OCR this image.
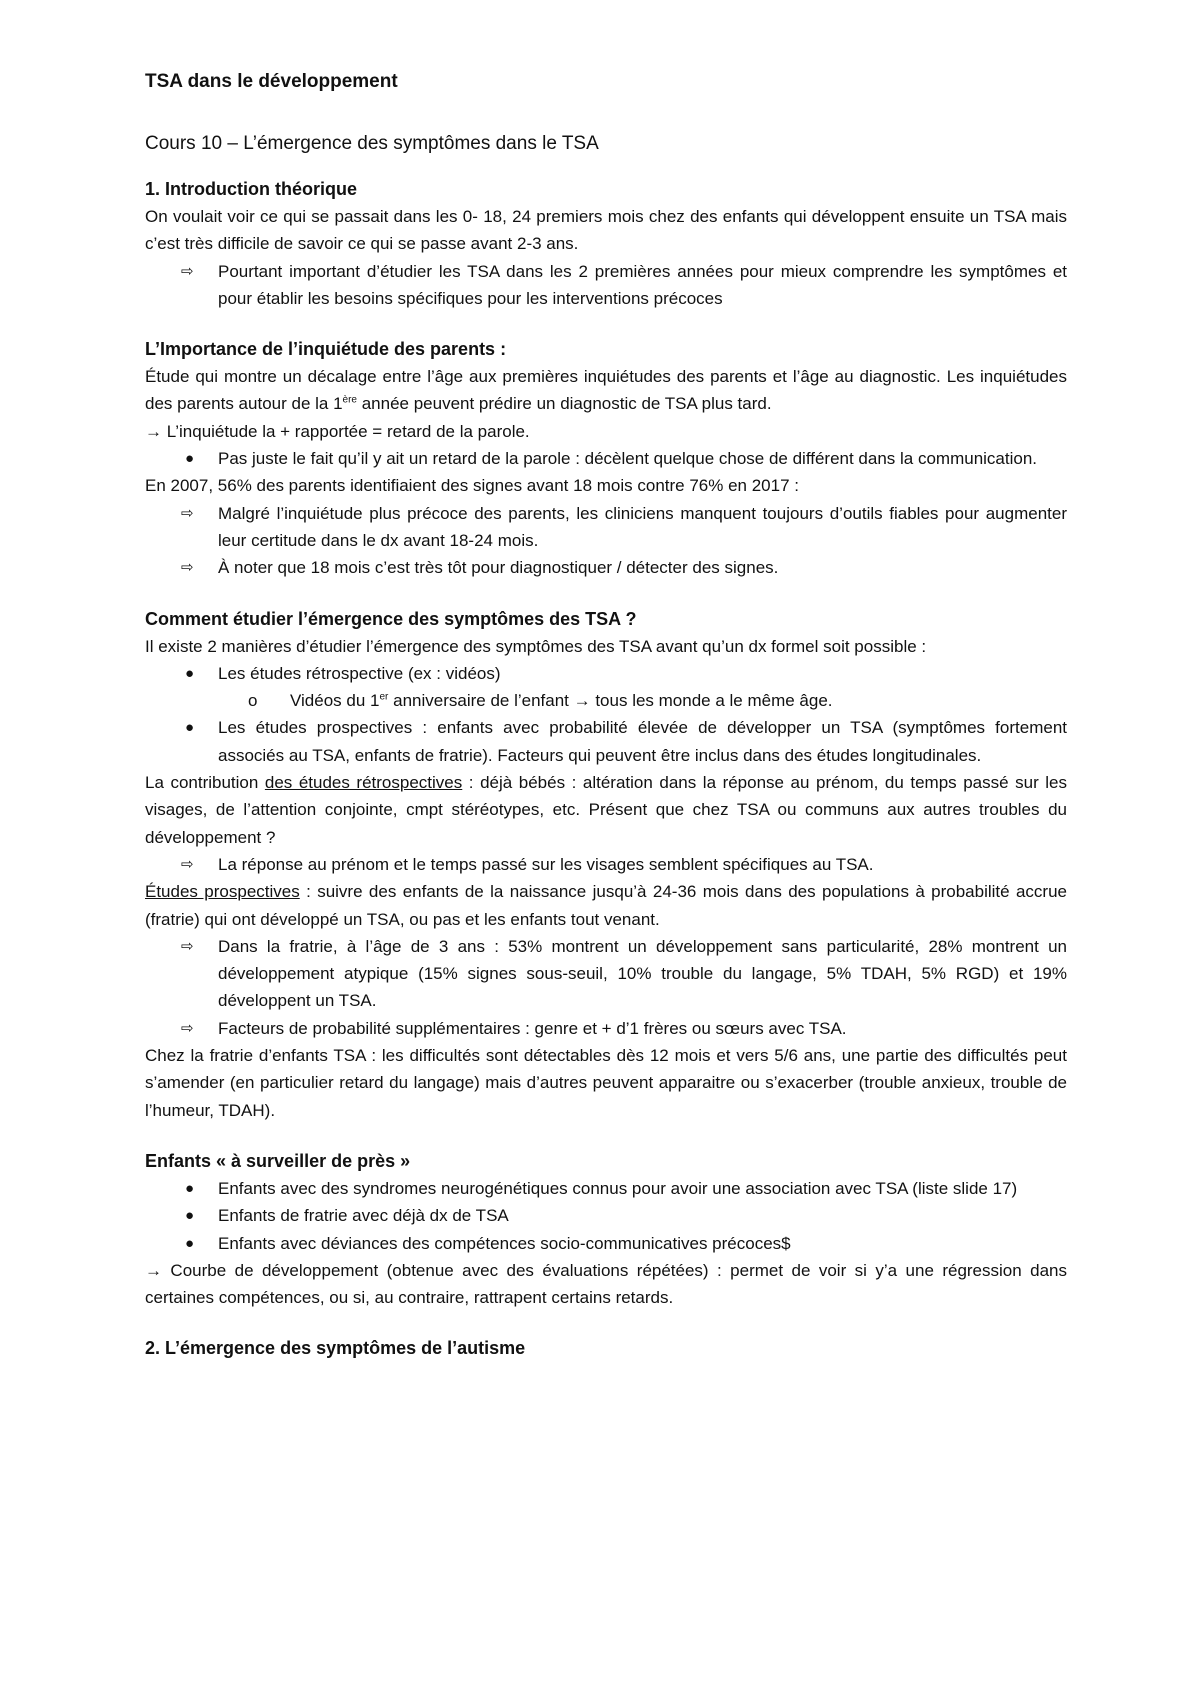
TSA dans le développement

Cours 10 – L’émergence des symptômes dans le TSA

1. Introduction théorique

On voulait voir ce qui se passait dans les 0- 18, 24 premiers mois chez des enfants qui développent ensuite un TSA mais c’est très difficile de savoir ce qui se passe avant 2-3 ans.

⇨ Pourtant important d’étudier les TSA dans les 2 premières années pour mieux comprendre les symptômes et pour établir les besoins spécifiques pour les interventions précoces

L’Importance de l’inquiétude des parents :

Étude qui montre un décalage entre l’âge aux premières inquiétudes des parents et l’âge au diagnostic. Les inquiétudes des parents autour de la 1ère année peuvent prédire un diagnostic de TSA plus tard.

→ L’inquiétude la + rapportée = retard de la parole.

● Pas juste le fait qu’il y ait un retard de la parole : décèlent quelque chose de différent dans la communication.

En 2007, 56% des parents identifiaient des signes avant 18 mois contre 76% en 2017 :

⇨ Malgré l’inquiétude plus précoce des parents, les cliniciens manquent toujours d’outils fiables pour augmenter leur certitude dans le dx avant 18-24 mois.
⇨ À noter que 18 mois c’est très tôt pour diagnostiquer / détecter des signes.

Comment étudier l’émergence des symptômes des TSA ?

Il existe 2 manières d’étudier l’émergence des symptômes des TSA avant qu’un dx formel soit possible :

● Les études rétrospective (ex : vidéos)
o Vidéos du 1er anniversaire de l’enfant → tous les monde a le même âge.
● Les études prospectives : enfants avec probabilité élevée de développer un TSA (symptômes fortement associés au TSA, enfants de fratrie). Facteurs qui peuvent être inclus dans des études longitudinales.

La contribution des études rétrospectives : déjà bébés : altération dans la réponse au prénom, du temps passé sur les visages, de l’attention conjointe, cmpt stéréotypes, etc. Présent que chez TSA ou communs aux autres troubles du développement ?

⇨ La réponse au prénom et le temps passé sur les visages semblent spécifiques au TSA.

Études prospectives : suivre des enfants de la naissance jusqu’à 24-36 mois dans des populations à probabilité accrue (fratrie) qui ont développé un TSA, ou pas et les enfants tout venant.

⇨ Dans la fratrie, à l’âge de 3 ans : 53% montrent un développement sans particularité, 28% montrent un développement atypique (15% signes sous-seuil, 10% trouble du langage, 5% TDAH, 5% RGD) et 19% développent un TSA.
⇨ Facteurs de probabilité supplémentaires : genre et + d’1 frères ou sœurs avec TSA.

Chez la fratrie d’enfants TSA : les difficultés sont détectables dès 12 mois et vers 5/6 ans, une partie des difficultés peut s’amender (en particulier retard du langage) mais d’autres peuvent apparaitre ou s’exacerber (trouble anxieux, trouble de l’humeur, TDAH).

Enfants « à surveiller de près »

● Enfants avec des syndromes neurogénétiques connus pour avoir une association avec TSA (liste slide 17)
● Enfants de fratrie avec déjà dx de TSA
● Enfants avec déviances des compétences socio-communicatives précoces$

→ Courbe de développement (obtenue avec des évaluations répétées) : permet de voir si y’a une régression dans certaines compétences, ou si, au contraire, rattrapent certains retards.

2. L’émergence des symptômes de l’autisme
